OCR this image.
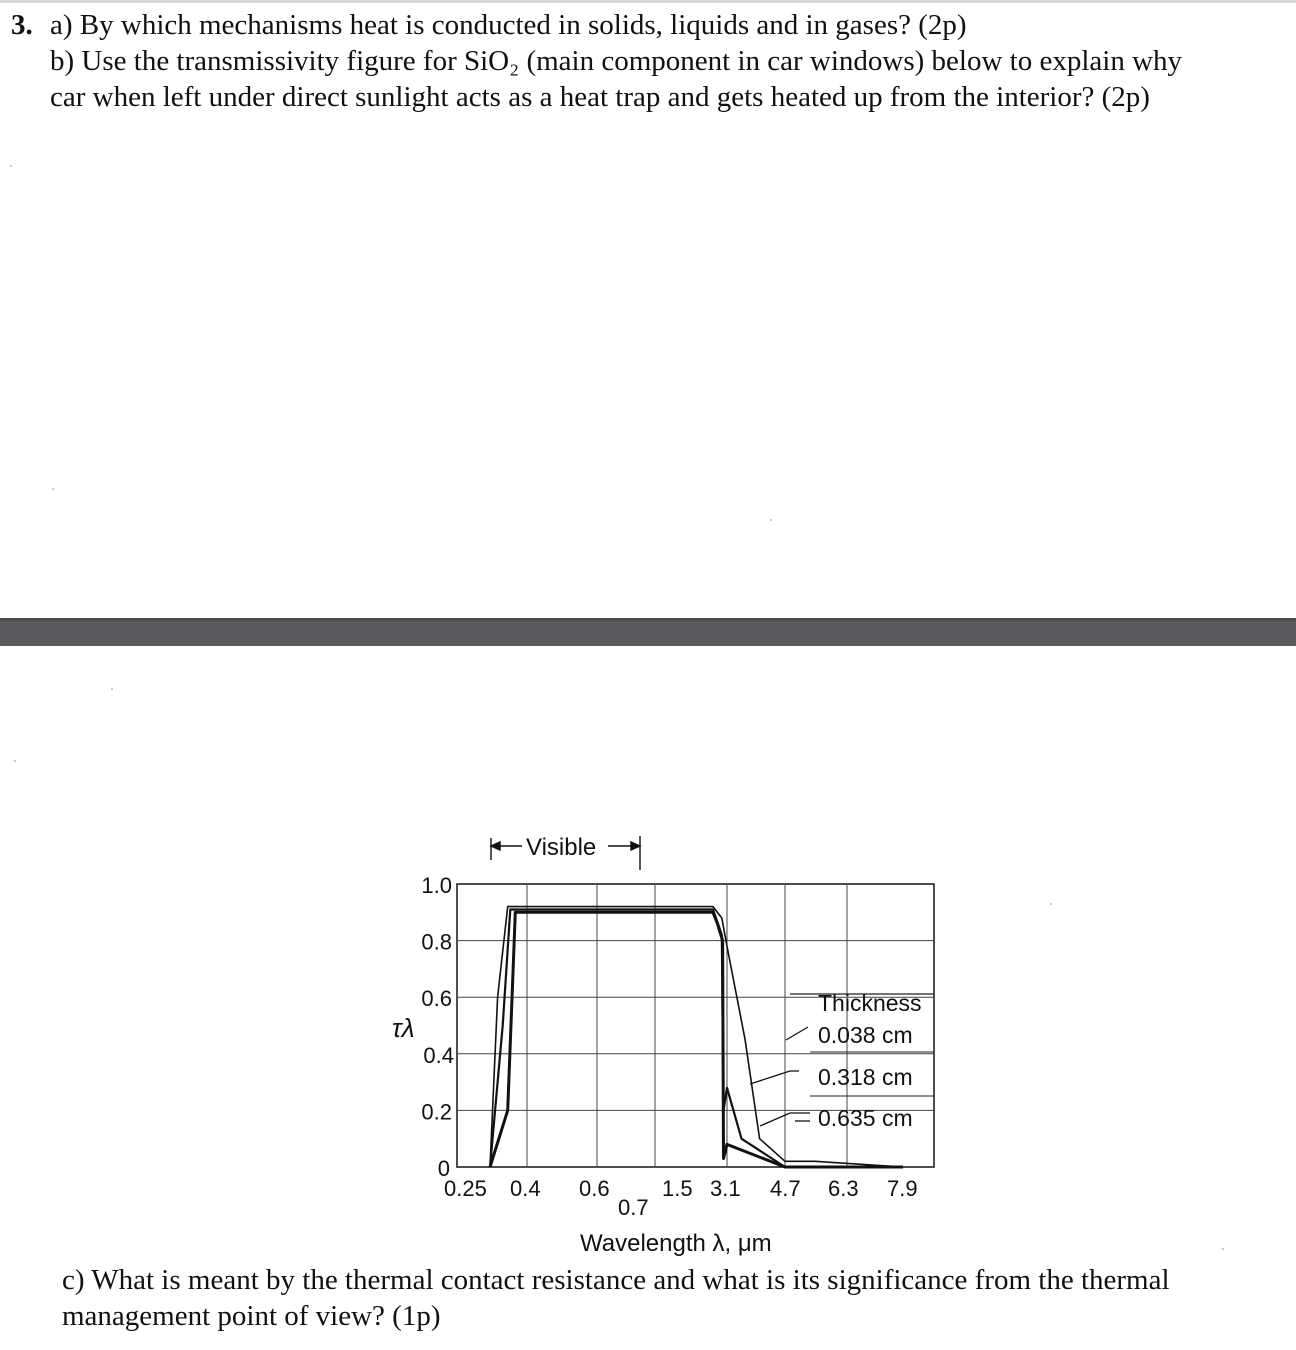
3. a) By which mechanisms heat is conducted in solids, liquids and in gases? (2p)
b) Use the transmissivity figure for SiO₂ (main component in car windows) below to explain why
car when left under direct sunlight acts as a heat trap and gets heated up from the interior? (2p)
1.0
0.8
0.6
0.4
0.2
0
0.25 0.4 0.6
0.7
1.5 3.1 4.7 6.3 7.9
Visible
τλ
Wavelength λ, μm
Thickness
0.038 cm
0.318 cm
0.635 cm
c) What is meant by the thermal contact resistance and what is its significance from the thermal
management point of view? (1p)
